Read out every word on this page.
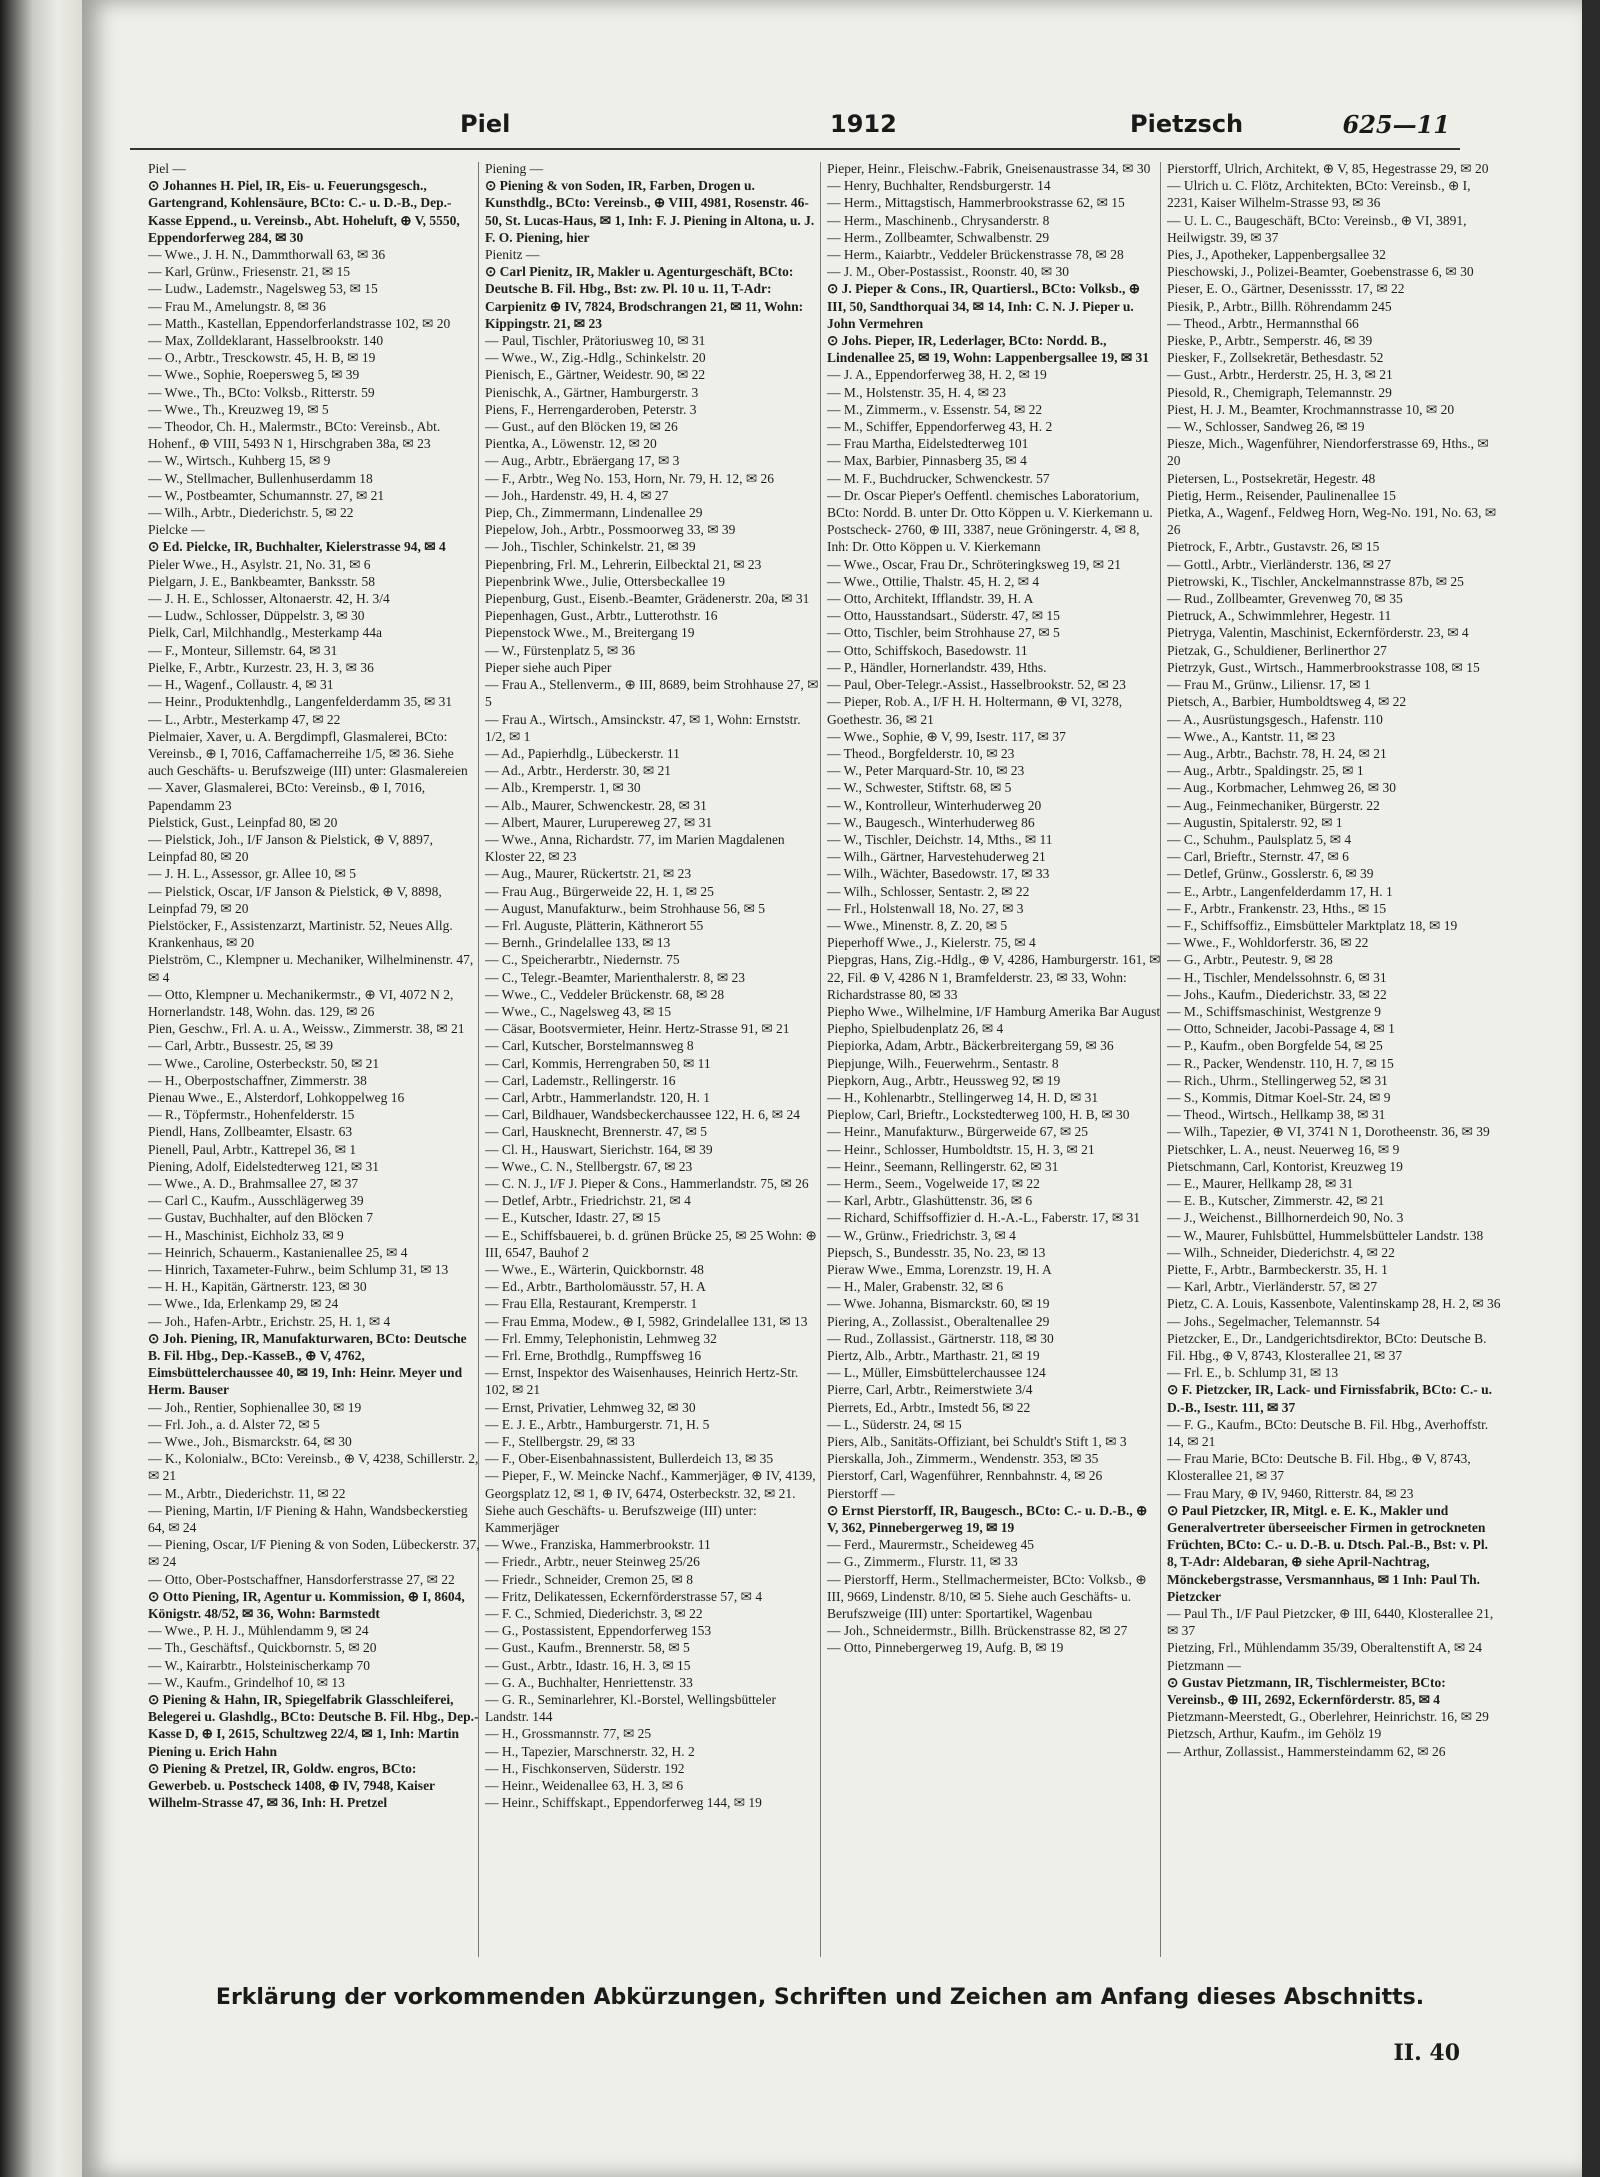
Piel	1912	Pietzsch	625—11

Piel —

⊙ Johannes H. Piel, IR, Eis- u. Feuerungsgesch., Gartengrand, Kohlensäure, BCto: C.- u. D.-B., Dep.-Kasse Eppend., u. Vereinsb., Abt. Hoheluft, ⊕ V, 5550, Eppendorferweg 284, ✉ 30

— Wwe., J. H. N., Dammthorwall 63, ✉ 36

— Karl, Grünw., Friesenstr. 21, ✉ 15

— Ludw., Lademstr., Nagelsweg 53, ✉ 15

— Frau M., Amelungstr. 8, ✉ 36

— Matth., Kastellan, Eppendorferlandstrasse 102, ✉ 20

— Max, Zolldeklarant, Hasselbrookstr. 140

— O., Arbtr., Tresckowstr. 45, H. B, ✉ 19

— Wwe., Sophie, Roepersweg 5, ✉ 39

— Wwe., Th., BCto: Volksb., Ritterstr. 59

— Wwe., Th., Kreuzweg 19, ✉ 5

— Theodor, Ch. H., Malermstr., BCto: Vereinsb., Abt. Hohenf., ⊕ VIII, 5493 N 1, Hirschgraben 38a, ✉ 23

— W., Wirtsch., Kuhberg 15, ✉ 9

— W., Stellmacher, Bullenhuserdamm 18

— W., Postbeamter, Schumannstr. 27, ✉ 21

— Wilh., Arbtr., Diederichstr. 5, ✉ 22

Pielcke —

⊙ Ed. Pielcke, IR, Buchhalter, Kielerstrasse 94, ✉ 4

Pieler Wwe., H., Asylstr. 21, No. 31, ✉ 6

Pielgarn, J. E., Bankbeamter, Banksstr. 58

— J. H. E., Schlosser, Altonaerstr. 42, H. 3/4

— Ludw., Schlosser, Düppelstr. 3, ✉ 30

Pielk, Carl, Milchhandlg., Mesterkamp 44a

— F., Monteur, Sillemstr. 64, ✉ 31

Pielke, F., Arbtr., Kurzestr. 23, H. 3, ✉ 36

— H., Wagenf., Collaustr. 4, ✉ 31

— Heinr., Produktenhdlg., Langenfelderdamm 35, ✉ 31

— L., Arbtr., Mesterkamp 47, ✉ 22

Pielmaier, Xaver, u. A. Bergdimpfl, Glasmalerei, BCto: Vereinsb., ⊕ I, 7016, Caffamacherreihe 1/5, ✉ 36. Siehe auch Geschäfts- u. Berufszweige (III) unter: Glasmalereien

— Xaver, Glasmalerei, BCto: Vereinsb., ⊕ I, 7016, Papendamm 23

Pielstick, Gust., Leinpfad 80, ✉ 20

— Pielstick, Joh., I/F Janson & Pielstick, ⊕ V, 8897, Leinpfad 80, ✉ 20

— J. H. L., Assessor, gr. Allee 10, ✉ 5

— Pielstick, Oscar, I/F Janson & Pielstick, ⊕ V, 8898, Leinpfad 79, ✉ 20

Pielstöcker, F., Assistenzarzt, Martinistr. 52, Neues Allg. Krankenhaus, ✉ 20

Pielström, C., Klempner u. Mechaniker, Wilhelminenstr. 47, ✉ 4

— Otto, Klempner u. Mechanikermstr., ⊕ VI, 4072 N 2, Hornerlandstr. 148, Wohn. das. 129, ✉ 26

Pien, Geschw., Frl. A. u. A., Weissw., Zimmerstr. 38, ✉ 21

— Carl, Arbtr., Bussestr. 25, ✉ 39

— Wwe., Caroline, Osterbeckstr. 50, ✉ 21

— H., Oberpostschaffner, Zimmerstr. 38

Pienau Wwe., E., Alsterdorf, Lohkoppelweg 16

— R., Töpfermstr., Hohenfelderstr. 15

Piendl, Hans, Zollbeamter, Elsastr. 63

Pienell, Paul, Arbtr., Kattrepel 36, ✉ 1

Piening, Adolf, Eidelstedterweg 121, ✉ 31

— Wwe., A. D., Brahmsallee 27, ✉ 37

— Carl C., Kaufm., Ausschlägerweg 39

— Gustav, Buchhalter, auf den Blöcken 7

— H., Maschinist, Eichholz 33, ✉ 9

— Heinrich, Schauerm., Kastanienallee 25, ✉ 4

— Hinrich, Taxameter-Fuhrw., beim Schlump 31, ✉ 13

— H. H., Kapitän, Gärtnerstr. 123, ✉ 30

— Wwe., Ida, Erlenkamp 29, ✉ 24

— Joh., Hafen-Arbtr., Erichstr. 25, H. 1, ✉ 4

⊙ Joh. Piening, IR, Manufakturwaren, BCto: Deutsche B. Fil. Hbg., Dep.-KasseB., ⊕ V, 4762, Eimsbüttelerchaussee 40, ✉ 19, Inh: Heinr. Meyer und Herm. Bauser

— Joh., Rentier, Sophienallee 30, ✉ 19

— Frl. Joh., a. d. Alster 72, ✉ 5

— Wwe., Joh., Bismarckstr. 64, ✉ 30

— K., Kolonialw., BCto: Vereinsb., ⊕ V, 4238, Schillerstr. 2, ✉ 21

— M., Arbtr., Diederichstr. 11, ✉ 22

— Piening, Martin, I/F Piening & Hahn, Wandsbeckerstieg 64, ✉ 24

— Piening, Oscar, I/F Piening & von Soden, Lübeckerstr. 37, ✉ 24

— Otto, Ober-Postschaffner, Hansdorferstrasse 27, ✉ 22

⊙ Otto Piening, IR, Agentur u. Kommission, ⊕ I, 8604, Königstr. 48/52, ✉ 36, Wohn: Barmstedt

— Wwe., P. H. J., Mühlendamm 9, ✉ 24

— Th., Geschäftsf., Quickbornstr. 5, ✉ 20

— W., Kairarbtr., Holsteinischerkamp 70

— W., Kaufm., Grindelhof 10, ✉ 13

⊙ Piening & Hahn, IR, Spiegelfabrik Glasschleiferei, Belegerei u. Glashdlg., BCto: Deutsche B. Fil. Hbg., Dep.-Kasse D, ⊕ I, 2615, Schultzweg 22/4, ✉ 1, Inh: Martin Piening u. Erich Hahn

⊙ Piening & Pretzel, IR, Goldw. engros, BCto: Gewerbeb. u. Postscheck 1408, ⊕ IV, 7948, Kaiser Wilhelm-Strasse 47, ✉ 36, Inh: H. Pretzel

Piening —

⊙ Piening & von Soden, IR, Farben, Drogen u. Kunsthdlg., BCto: Vereinsb., ⊕ VIII, 4981, Rosenstr. 46-50, St. Lucas-Haus, ✉ 1, Inh: F. J. Piening in Altona, u. J. F. O. Piening, hier

Pienitz —

⊙ Carl Pienitz, IR, Makler u. Agenturgeschäft, BCto: Deutsche B. Fil. Hbg., Bst: zw. Pl. 10 u. 11, T-Adr: Carpienitz ⊕ IV, 7824, Brodschrangen 21, ✉ 11, Wohn: Kippingstr. 21, ✉ 23

— Paul, Tischler, Prätoriusweg 10, ✉ 31

— Wwe., W., Zig.-Hdlg., Schinkelstr. 20

Pienisch, E., Gärtner, Weidestr. 90, ✉ 22

Pienischk, A., Gärtner, Hamburgerstr. 3

Piens, F., Herrengarderoben, Peterstr. 3

— Gust., auf den Blöcken 19, ✉ 26

Pientka, A., Löwenstr. 12, ✉ 20

— Aug., Arbtr., Ebräergang 17, ✉ 3

— F., Arbtr., Weg No. 153, Horn, Nr. 79, H. 12, ✉ 26

— Joh., Hardenstr. 49, H. 4, ✉ 27

Piep, Ch., Zimmermann, Lindenallee 29

Piepelow, Joh., Arbtr., Possmoorweg 33, ✉ 39

— Joh., Tischler, Schinkelstr. 21, ✉ 39

Piepenbring, Frl. M., Lehrerin, Eilbecktal 21, ✉ 23

Piepenbrink Wwe., Julie, Ottersbeckallee 19

Piepenburg, Gust., Eisenb.-Beamter, Grädenerstr. 20a, ✉ 31

Piepenhagen, Gust., Arbtr., Lutterothstr. 16

Piepenstock Wwe., M., Breitergang 19

— W., Fürstenplatz 5, ✉ 36

Pieper siehe auch Piper

— Frau A., Stellenverm., ⊕ III, 8689, beim Strohhause 27, ✉ 5

— Frau A., Wirtsch., Amsinckstr. 47, ✉ 1, Wohn: Ernststr. 1/2, ✉ 1

— Ad., Papierhdlg., Lübeckerstr. 11

— Ad., Arbtr., Herderstr. 30, ✉ 21

— Alb., Kremperstr. 1, ✉ 30

— Alb., Maurer, Schwenckestr. 28, ✉ 31

— Albert, Maurer, Lurupereweg 27, ✉ 31

— Wwe., Anna, Richardstr. 77, im Marien Magdalenen Kloster 22, ✉ 23

— Aug., Maurer, Rückertstr. 21, ✉ 23

— Frau Aug., Bürgerweide 22, H. 1, ✉ 25

— August, Manufakturw., beim Strohhause 56, ✉ 5

— Frl. Auguste, Plätterin, Käthnerort 55

— Bernh., Grindelallee 133, ✉ 13

— C., Speicherarbtr., Niedernstr. 75

— C., Telegr.-Beamter, Marienthalerstr. 8, ✉ 23

— Wwe., C., Veddeler Brückenstr. 68, ✉ 28

— Wwe., C., Nagelsweg 43, ✉ 15

— Cäsar, Bootsvermieter, Heinr. Hertz-Strasse 91, ✉ 21

— Carl, Kutscher, Borstelmannsweg 8

— Carl, Kommis, Herrengraben 50, ✉ 11

— Carl, Lademstr., Rellingerstr. 16

— Carl, Arbtr., Hammerlandstr. 120, H. 1

— Carl, Bildhauer, Wandsbeckerchaussee 122, H. 6, ✉ 24

— Carl, Hausknecht, Brennerstr. 47, ✉ 5

— Cl. H., Hauswart, Sierichstr. 164, ✉ 39

— Wwe., C. N., Stellbergstr. 67, ✉ 23

— C. N. J., I/F J. Pieper & Cons., Hammerlandstr. 75, ✉ 26

— Detlef, Arbtr., Friedrichstr. 21, ✉ 4

— E., Kutscher, Idastr. 27, ✉ 15

— E., Schiffsbauerei, b. d. grünen Brücke 25, ✉ 25 Wohn: ⊕ III, 6547, Bauhof 2

— Wwe., E., Wärterin, Quickbornstr. 48

— Ed., Arbtr., Bartholomäusstr. 57, H. A

— Frau Ella, Restaurant, Kremperstr. 1

— Frau Emma, Modew., ⊕ I, 5982, Grindelallee 131, ✉ 13

— Frl. Emmy, Telephonistin, Lehmweg 32

— Frl. Erne, Brothdlg., Rumpffsweg 16

— Ernst, Inspektor des Waisenhauses, Heinrich Hertz-Str. 102, ✉ 21

— Ernst, Privatier, Lehmweg 32, ✉ 30

— E. J. E., Arbtr., Hamburgerstr. 71, H. 5

— F., Stellbergstr. 29, ✉ 33

— F., Ober-Eisenbahnassistent, Bullerdeich 13, ✉ 35

— Pieper, F., W. Meincke Nachf., Kammerjäger, ⊕ IV, 4139, Georgsplatz 12, ✉ 1, ⊕ IV, 6474, Osterbeckstr. 32, ✉ 21. Siehe auch Geschäfts- u. Berufszweige (III) unter: Kammerjäger

— Wwe., Franziska, Hammerbrookstr. 11

— Friedr., Arbtr., neuer Steinweg 25/26

— Friedr., Schneider, Cremon 25, ✉ 8

— Fritz, Delikatessen, Eckernförderstrasse 57, ✉ 4

— F. C., Schmied, Diederichstr. 3, ✉ 22

— G., Postassistent, Eppendorferweg 153

— Gust., Kaufm., Brennerstr. 58, ✉ 5

— Gust., Arbtr., Idastr. 16, H. 3, ✉ 15

— G. A., Buchhalter, Henriettenstr. 33

— G. R., Seminarlehrer, Kl.-Borstel, Wellingsbütteler Landstr. 144

— H., Grossmannstr. 77, ✉ 25

— H., Tapezier, Marschnerstr. 32, H. 2

— H., Fischkonserven, Süderstr. 192

— Heinr., Weidenallee 63, H. 3, ✉ 6

— Heinr., Schiffskapt., Eppendorferweg 144, ✉ 19

Pieper, Heinr., Fleischw.-Fabrik, Gneisenaustrasse 34, ✉ 30

— Henry, Buchhalter, Rendsburgerstr. 14

— Herm., Mittagstisch, Hammerbrookstrasse 62, ✉ 15

— Herm., Maschinenb., Chrysanderstr. 8

— Herm., Zollbeamter, Schwalbenstr. 29

— Herm., Kaiarbtr., Veddeler Brückenstrasse 78, ✉ 28

— J. M., Ober-Postassist., Roonstr. 40, ✉ 30

⊙ J. Pieper & Cons., IR, Quartiersl., BCto: Volksb., ⊕ III, 50, Sandthorquai 34, ✉ 14, Inh: C. N. J. Pieper u. John Vermehren

⊙ Johs. Pieper, IR, Lederlager, BCto: Nordd. B., Lindenallee 25, ✉ 19, Wohn: Lappenbergsallee 19, ✉ 31

— J. A., Eppendorferweg 38, H. 2, ✉ 19

— M., Holstenstr. 35, H. 4, ✉ 23

— M., Zimmerm., v. Essenstr. 54, ✉ 22

— M., Schiffer, Eppendorferweg 43, H. 2

— Frau Martha, Eidelstedterweg 101

— Max, Barbier, Pinnasberg 35, ✉ 4

— M. F., Buchdrucker, Schwenckestr. 57

— Dr. Oscar Pieper's Oeffentl. chemisches Laboratorium, BCto: Nordd. B. unter Dr. Otto Köppen u. V. Kierkemann u. Postscheck- 2760, ⊕ III, 3387, neue Gröningerstr. 4, ✉ 8, Inh: Dr. Otto Köppen u. V. Kierkemann

— Wwe., Oscar, Frau Dr., Schröteringksweg 19, ✉ 21

— Wwe., Ottilie, Thalstr. 45, H. 2, ✉ 4

— Otto, Architekt, Ifflandstr. 39, H. A

— Otto, Hausstandsart., Süderstr. 47, ✉ 15

— Otto, Tischler, beim Strohhause 27, ✉ 5

— Otto, Schiffskoch, Basedowstr. 11

— P., Händler, Hornerlandstr. 439, Hths.

— Paul, Ober-Telegr.-Assist., Hasselbrookstr. 52, ✉ 23

— Pieper, Rob. A., I/F H. H. Holtermann, ⊕ VI, 3278, Goethestr. 36, ✉ 21

— Wwe., Sophie, ⊕ V, 99, Isestr. 117, ✉ 37

— Theod., Borgfelderstr. 10, ✉ 23

— W., Peter Marquard-Str. 10, ✉ 23

— W., Schwester, Stiftstr. 68, ✉ 5

— W., Kontrolleur, Winterhuderweg 20

— W., Baugesch., Winterhuderweg 86

— W., Tischler, Deichstr. 14, Mths., ✉ 11

— Wilh., Gärtner, Harvestehuderweg 21

— Wilh., Wächter, Basedowstr. 17, ✉ 33

— Wilh., Schlosser, Sentastr. 2, ✉ 22

— Frl., Holstenwall 18, No. 27, ✉ 3

— Wwe., Minenstr. 8, Z. 20, ✉ 5

Pieperhoff Wwe., J., Kielerstr. 75, ✉ 4

Piepgras, Hans, Zig.-Hdlg., ⊕ V, 4286, Hamburgerstr. 161, ✉ 22, Fil. ⊕ V, 4286 N 1, Bramfelderstr. 23, ✉ 33, Wohn: Richardstrasse 80, ✉ 33

Piepho Wwe., Wilhelmine, I/F Hamburg Amerika Bar August Piepho, Spielbudenplatz 26, ✉ 4

Piepiorka, Adam, Arbtr., Bäckerbreitergang 59, ✉ 36

Piepjunge, Wilh., Feuerwehrm., Sentastr. 8

Piepkorn, Aug., Arbtr., Heussweg 92, ✉ 19

— H., Kohlenarbtr., Stellingerweg 14, H. D, ✉ 31

Pieplow, Carl, Brieftr., Lockstedterweg 100, H. B, ✉ 30

— Heinr., Manufakturw., Bürgerweide 67, ✉ 25

— Heinr., Schlosser, Humboldtstr. 15, H. 3, ✉ 21

— Heinr., Seemann, Rellingerstr. 62, ✉ 31

— Herm., Seem., Vogelweide 17, ✉ 22

— Karl, Arbtr., Glashüttenstr. 36, ✉ 6

— Richard, Schiffsoffizier d. H.-A.-L., Faberstr. 17, ✉ 31

— W., Grünw., Friedrichstr. 3, ✉ 4

Piepsch, S., Bundesstr. 35, No. 23, ✉ 13

Pieraw Wwe., Emma, Lorenzstr. 19, H. A

— H., Maler, Grabenstr. 32, ✉ 6

— Wwe. Johanna, Bismarckstr. 60, ✉ 19

Piering, A., Zollassist., Oberaltenallee 29

— Rud., Zollassist., Gärtnerstr. 118, ✉ 30

Piertz, Alb., Arbtr., Marthastr. 21, ✉ 19

— L., Müller, Eimsbüttelerchaussee 124

Pierre, Carl, Arbtr., Reimerstwiete 3/4

Pierrets, Ed., Arbtr., Imstedt 56, ✉ 22

— L., Süderstr. 24, ✉ 15

Piers, Alb., Sanitäts-Offiziant, bei Schuldt's Stift 1, ✉ 3

Pierskalla, Joh., Zimmerm., Wendenstr. 353, ✉ 35

Pierstorf, Carl, Wagenführer, Rennbahnstr. 4, ✉ 26

Pierstorff —

⊙ Ernst Pierstorff, IR, Baugesch., BCto: C.- u. D.-B., ⊕ V, 362, Pinnebergerweg 19, ✉ 19

— Ferd., Maurermstr., Scheideweg 45

— G., Zimmerm., Flurstr. 11, ✉ 33

— Pierstorff, Herm., Stellmachermeister, BCto: Volksb., ⊕ III, 9669, Lindenstr. 8/10, ✉ 5. Siehe auch Geschäfts- u. Berufszweige (III) unter: Sportartikel, Wagenbau

— Joh., Schneidermstr., Billh. Brückenstrasse 82, ✉ 27

— Otto, Pinnebergerweg 19, Aufg. B, ✉ 19

Pierstorff, Ulrich, Architekt, ⊕ V, 85, Hegestrasse 29, ✉ 20

— Ulrich u. C. Flötz, Architekten, BCto: Vereinsb., ⊕ I, 2231, Kaiser Wilhelm-Strasse 93, ✉ 36

— U. L. C., Baugeschäft, BCto: Vereinsb., ⊕ VI, 3891, Heilwigstr. 39, ✉ 37

Pies, J., Apotheker, Lappenbergsallee 32

Pieschowski, J., Polizei-Beamter, Goebenstrasse 6, ✉ 30

Pieser, E. O., Gärtner, Desenissstr. 17, ✉ 22

Piesik, P., Arbtr., Billh. Röhrendamm 245

— Theod., Arbtr., Hermannsthal 66

Pieske, P., Arbtr., Semperstr. 46, ✉ 39

Piesker, F., Zollsekretär, Bethesdastr. 52

— Gust., Arbtr., Herderstr. 25, H. 3, ✉ 21

Piesold, R., Chemigraph, Telemannstr. 29

Piest, H. J. M., Beamter, Krochmannstrasse 10, ✉ 20

— W., Schlosser, Sandweg 26, ✉ 19

Piesze, Mich., Wagenführer, Niendorferstrasse 69, Hths., ✉ 20

Pietersen, L., Postsekretär, Hegestr. 48

Pietig, Herm., Reisender, Paulinenallee 15

Pietka, A., Wagenf., Feldweg Horn, Weg-No. 191, No. 63, ✉ 26

Pietrock, F., Arbtr., Gustavstr. 26, ✉ 15

— Gottl., Arbtr., Vierländerstr. 136, ✉ 27

Pietrowski, K., Tischler, Anckelmannstrasse 87b, ✉ 25

— Rud., Zollbeamter, Grevenweg 70, ✉ 35

Pietruck, A., Schwimmlehrer, Hegestr. 11

Pietryga, Valentin, Maschinist, Eckernförderstr. 23, ✉ 4

Pietzak, G., Schuldiener, Berlinerthor 27

Pietrzyk, Gust., Wirtsch., Hammerbrookstrasse 108, ✉ 15

— Frau M., Grünw., Liliensr. 17, ✉ 1

Pietsch, A., Barbier, Humboldtsweg 4, ✉ 22

— A., Ausrüstungsgesch., Hafenstr. 110

— Wwe., A., Kantstr. 11, ✉ 23

— Aug., Arbtr., Bachstr. 78, H. 24, ✉ 21

— Aug., Arbtr., Spaldingstr. 25, ✉ 1

— Aug., Korbmacher, Lehmweg 26, ✉ 30

— Aug., Feinmechaniker, Bürgerstr. 22

— Augustin, Spitalerstr. 92, ✉ 1

— C., Schuhm., Paulsplatz 5, ✉ 4

— Carl, Brieftr., Sternstr. 47, ✉ 6

— Detlef, Grünw., Gosslerstr. 6, ✉ 39

— E., Arbtr., Langenfelderdamm 17, H. 1

— F., Arbtr., Frankenstr. 23, Hths., ✉ 15

— F., Schiffsoffiz., Eimsbütteler Marktplatz 18, ✉ 19

— Wwe., F., Wohldorferstr. 36, ✉ 22

— G., Arbtr., Peutestr. 9, ✉ 28

— H., Tischler, Mendelssohnstr. 6, ✉ 31

— Johs., Kaufm., Diederichstr. 33, ✉ 22

— M., Schiffsmaschinist, Westgrenze 9

— Otto, Schneider, Jacobi-Passage 4, ✉ 1

— P., Kaufm., oben Borgfelde 54, ✉ 25

— R., Packer, Wendenstr. 110, H. 7, ✉ 15

— Rich., Uhrm., Stellingerweg 52, ✉ 31

— S., Kommis, Ditmar Koel-Str. 24, ✉ 9

— Theod., Wirtsch., Hellkamp 38, ✉ 31

— Wilh., Tapezier, ⊕ VI, 3741 N 1, Dorotheenstr. 36, ✉ 39

Pietschker, L. A., neust. Neuerweg 16, ✉ 9

Pietschmann, Carl, Kontorist, Kreuzweg 19

— E., Maurer, Hellkamp 28, ✉ 31

— E. B., Kutscher, Zimmerstr. 42, ✉ 21

— J., Weichenst., Billhornerdeich 90, No. 3

— W., Maurer, Fuhlsbüttel, Hummelsbütteler Landstr. 138

— Wilh., Schneider, Diederichstr. 4, ✉ 22

Piette, F., Arbtr., Barmbeckerstr. 35, H. 1

— Karl, Arbtr., Vierländerstr. 57, ✉ 27

Pietz, C. A. Louis, Kassenbote, Valentinskamp 28, H. 2, ✉ 36

— Johs., Segelmacher, Telemannstr. 54

Pietzcker, E., Dr., Landgerichtsdirektor, BCto: Deutsche B. Fil. Hbg., ⊕ V, 8743, Klosterallee 21, ✉ 37

— Frl. E., b. Schlump 31, ✉ 13

⊙ F. Pietzcker, IR, Lack- und Firnissfabrik, BCto: C.- u. D.-B., Isestr. 111, ✉ 37

— F. G., Kaufm., BCto: Deutsche B. Fil. Hbg., Averhoffstr. 14, ✉ 21

— Frau Marie, BCto: Deutsche B. Fil. Hbg., ⊕ V, 8743, Klosterallee 21, ✉ 37

— Frau Mary, ⊕ IV, 9460, Ritterstr. 84, ✉ 23

⊙ Paul Pietzcker, IR, Mitgl. e. E. K., Makler und Generalvertreter überseeischer Firmen in getrockneten Früchten, BCto: C.- u. D.-B. u. Dtsch. Pal.-B., Bst: v. Pl. 8, T-Adr: Aldebaran, ⊕ siehe April-Nachtrag, Mönckebergstrasse, Versmannhaus, ✉ 1 Inh: Paul Th. Pietzcker

— Paul Th., I/F Paul Pietzcker, ⊕ III, 6440, Klosterallee 21, ✉ 37

Pietzing, Frl., Mühlendamm 35/39, Oberaltenstift A, ✉ 24

Pietzmann —

⊙ Gustav Pietzmann, IR, Tischlermeister, BCto: Vereinsb., ⊕ III, 2692, Eckernförderstr. 85, ✉ 4

Pietzmann-Meerstedt, G., Oberlehrer, Heinrichstr. 16, ✉ 29

Pietzsch, Arthur, Kaufm., im Gehölz 19

— Arthur, Zollassist., Hammersteindamm 62, ✉ 26

Erklärung der vorkommenden Abkürzungen, Schriften und Zeichen am Anfang dieses Abschnitts.
II. 40
